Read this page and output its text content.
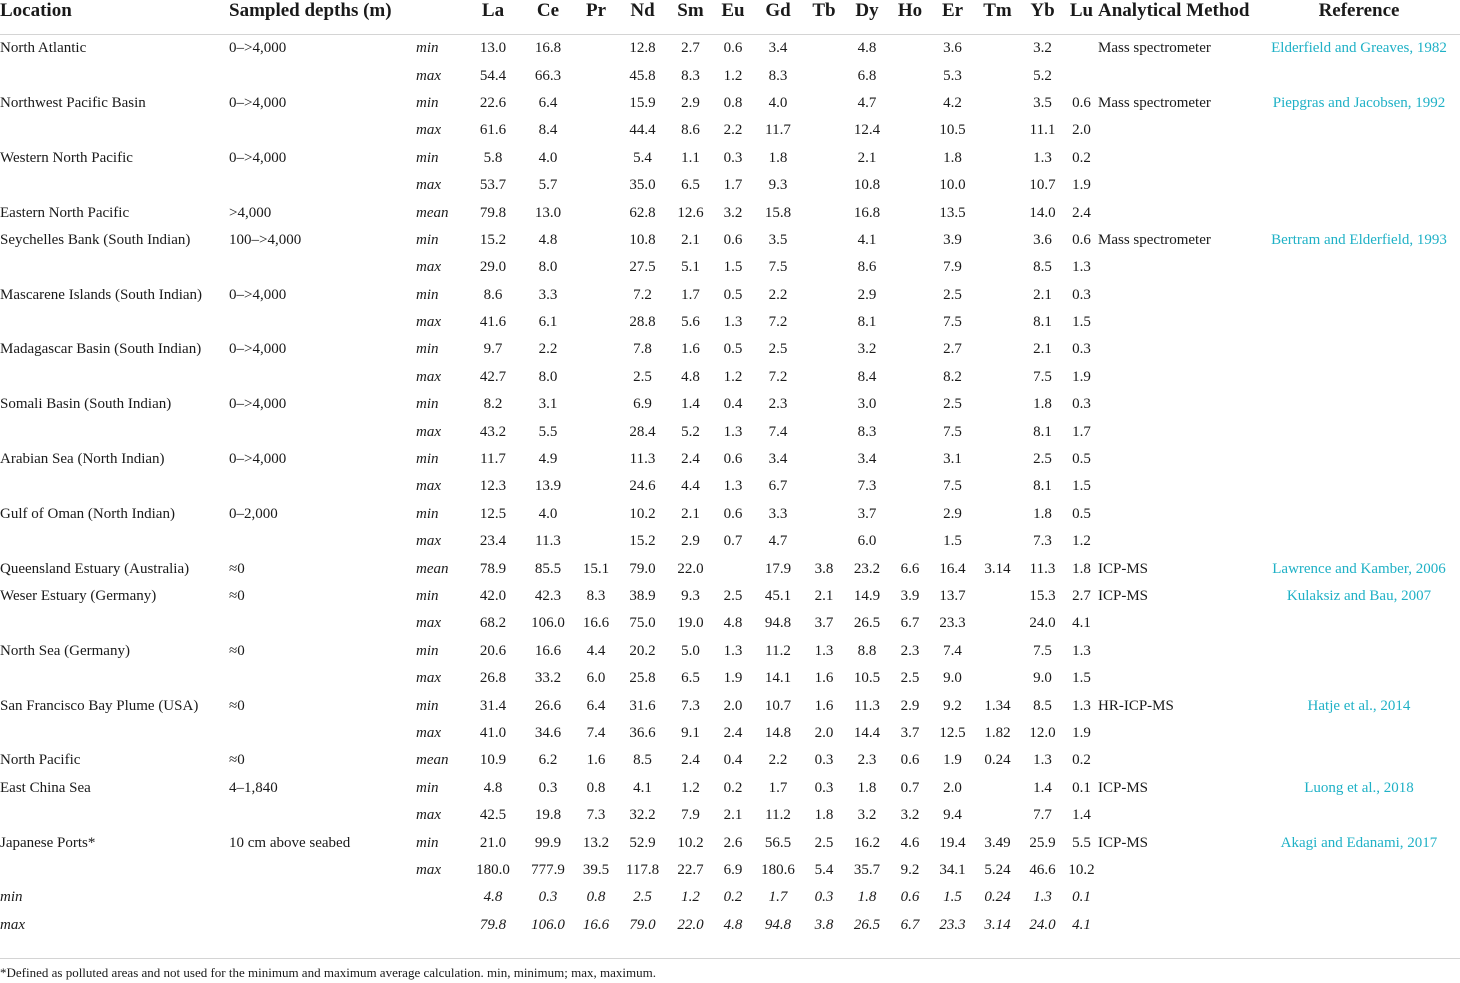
Location	Sampled depths (m)		La	Ce	Pr	Nd	Sm	Eu	Gd	Tb	Dy	Ho	Er	Tm	Yb	Lu	Analytical Method	Reference
North Atlantic	0–>4,000	min	13.0	16.8		12.8	2.7	0.6	3.4		4.8		3.6		3.2		Mass spectrometer	Elderfield and Greaves, 1982
		max	54.4	66.3		45.8	8.3	1.2	8.3		6.8		5.3		5.2			
Northwest Pacific Basin	0–>4,000	min	22.6	6.4		15.9	2.9	0.8	4.0		4.7		4.2		3.5	0.6	Mass spectrometer	Piepgras and Jacobsen, 1992
		max	61.6	8.4		44.4	8.6	2.2	11.7		12.4		10.5		11.1	2.0		
Western North Pacific	0–>4,000	min	5.8	4.0		5.4	1.1	0.3	1.8		2.1		1.8		1.3	0.2		
		max	53.7	5.7		35.0	6.5	1.7	9.3		10.8		10.0		10.7	1.9		
Eastern North Pacific	>4,000	mean	79.8	13.0		62.8	12.6	3.2	15.8		16.8		13.5		14.0	2.4		
Seychelles Bank (South Indian)	100–>4,000	min	15.2	4.8		10.8	2.1	0.6	3.5		4.1		3.9		3.6	0.6	Mass spectrometer	Bertram and Elderfield, 1993
		max	29.0	8.0		27.5	5.1	1.5	7.5		8.6		7.9		8.5	1.3		
Mascarene Islands (South Indian)	0–>4,000	min	8.6	3.3		7.2	1.7	0.5	2.2		2.9		2.5		2.1	0.3		
		max	41.6	6.1		28.8	5.6	1.3	7.2		8.1		7.5		8.1	1.5		
Madagascar Basin (South Indian)	0–>4,000	min	9.7	2.2		7.8	1.6	0.5	2.5		3.2		2.7		2.1	0.3		
		max	42.7	8.0		2.5	4.8	1.2	7.2		8.4		8.2		7.5	1.9		
Somali Basin (South Indian)	0–>4,000	min	8.2	3.1		6.9	1.4	0.4	2.3		3.0		2.5		1.8	0.3		
		max	43.2	5.5		28.4	5.2	1.3	7.4		8.3		7.5		8.1	1.7		
Arabian Sea (North Indian)	0–>4,000	min	11.7	4.9		11.3	2.4	0.6	3.4		3.4		3.1		2.5	0.5		
		max	12.3	13.9		24.6	4.4	1.3	6.7		7.3		7.5		8.1	1.5		
Gulf of Oman (North Indian)	0–2,000	min	12.5	4.0		10.2	2.1	0.6	3.3		3.7		2.9		1.8	0.5		
		max	23.4	11.3		15.2	2.9	0.7	4.7		6.0		1.5		7.3	1.2		
Queensland Estuary (Australia)	≈0	mean	78.9	85.5	15.1	79.0	22.0		17.9	3.8	23.2	6.6	16.4	3.14	11.3	1.8	ICP-MS	Lawrence and Kamber, 2006
Weser Estuary (Germany)	≈0	min	42.0	42.3	8.3	38.9	9.3	2.5	45.1	2.1	14.9	3.9	13.7		15.3	2.7	ICP-MS	Kulaksiz and Bau, 2007
		max	68.2	106.0	16.6	75.0	19.0	4.8	94.8	3.7	26.5	6.7	23.3		24.0	4.1		
North Sea (Germany)	≈0	min	20.6	16.6	4.4	20.2	5.0	1.3	11.2	1.3	8.8	2.3	7.4		7.5	1.3		
		max	26.8	33.2	6.0	25.8	6.5	1.9	14.1	1.6	10.5	2.5	9.0		9.0	1.5		
San Francisco Bay Plume (USA)	≈0	min	31.4	26.6	6.4	31.6	7.3	2.0	10.7	1.6	11.3	2.9	9.2	1.34	8.5	1.3	HR-ICP-MS	Hatje et al., 2014
		max	41.0	34.6	7.4	36.6	9.1	2.4	14.8	2.0	14.4	3.7	12.5	1.82	12.0	1.9		
North Pacific	≈0	mean	10.9	6.2	1.6	8.5	2.4	0.4	2.2	0.3	2.3	0.6	1.9	0.24	1.3	0.2		
East China Sea	4–1,840	min	4.8	0.3	0.8	4.1	1.2	0.2	1.7	0.3	1.8	0.7	2.0		1.4	0.1	ICP-MS	Luong et al., 2018
		max	42.5	19.8	7.3	32.2	7.9	2.1	11.2	1.8	3.2	3.2	9.4		7.7	1.4		
Japanese Ports*	10 cm above seabed	min	21.0	99.9	13.2	52.9	10.2	2.6	56.5	2.5	16.2	4.6	19.4	3.49	25.9	5.5	ICP-MS	Akagi and Edanami, 2017
		max	180.0	777.9	39.5	117.8	22.7	6.9	180.6	5.4	35.7	9.2	34.1	5.24	46.6	10.2		
min			4.8	0.3	0.8	2.5	1.2	0.2	1.7	0.3	1.8	0.6	1.5	0.24	1.3	0.1		
max			79.8	106.0	16.6	79.0	22.0	4.8	94.8	3.8	26.5	6.7	23.3	3.14	24.0	4.1		
*Defined as polluted areas and not used for the minimum and maximum average calculation. min, minimum; max, maximum.
